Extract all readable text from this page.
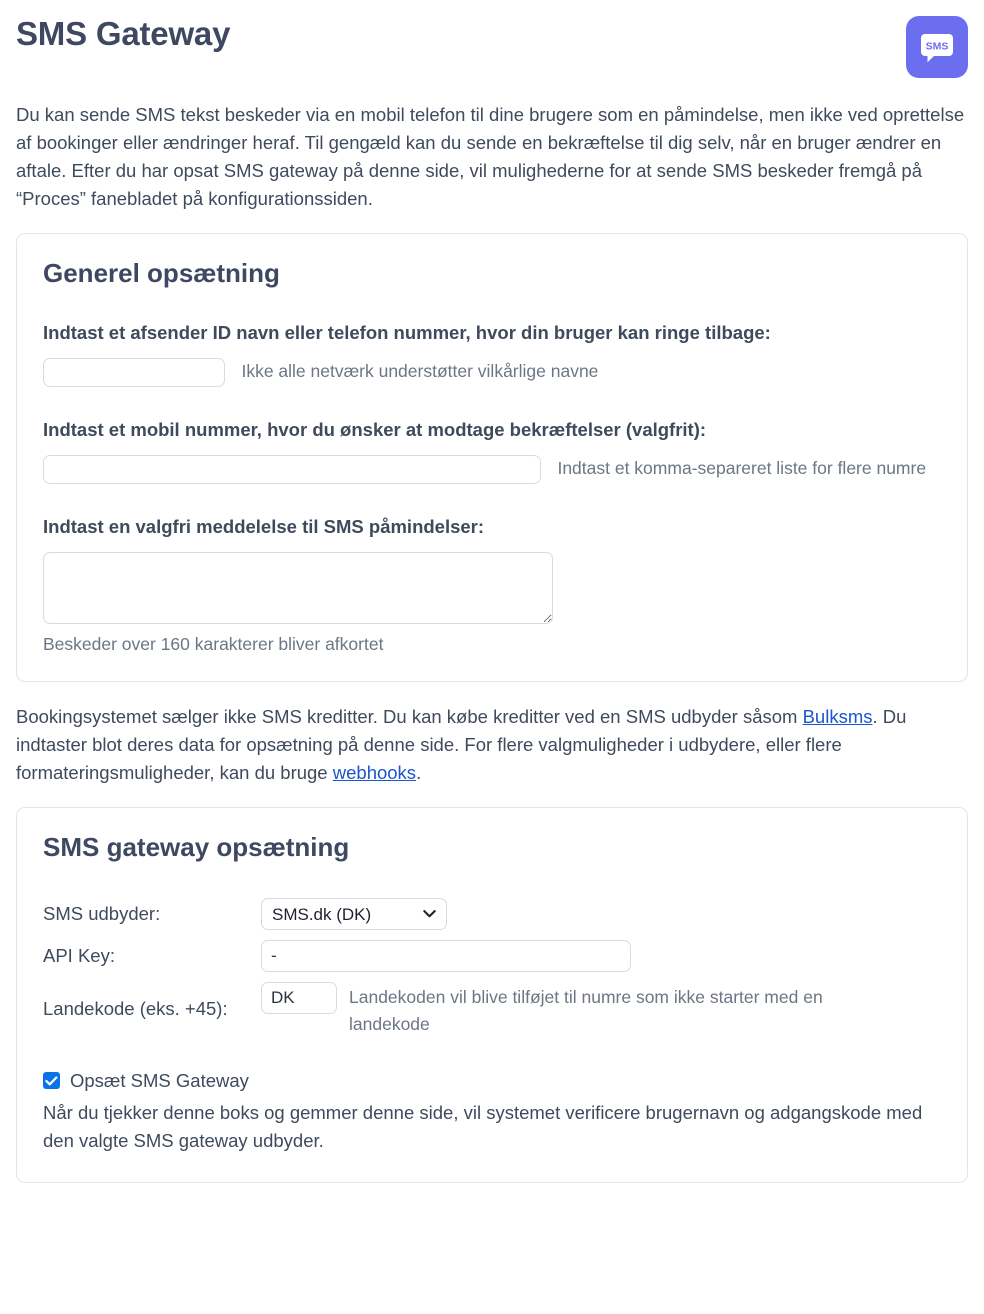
SMS Gateway	SMS

Du kan sende SMS tekst beskeder via en mobil telefon til dine brugere som en påmindelse, men ikke ved oprettelse af bookinger eller ændringer heraf. Til gengæld kan du sende en bekræftelse til dig selv, når en bruger ændrer en aftale. Efter du har opsat SMS gateway på denne side, vil mulighederne for at sende SMS beskeder fremgå på “Proces” fanebladet på konfigurationssiden.

Generel opsætning
Indtast et afsender ID navn eller telefon nummer, hvor din bruger kan ringe tilbage:
Ikke alle netværk understøtter vilkårlige navne
Indtast et mobil nummer, hvor du ønsker at modtage bekræftelser (valgfrit):
Indtast et komma-separeret liste for flere numre
Indtast en valgfri meddelelse til SMS påmindelser:
Beskeder over 160 karakterer bliver afkortet

Bookingsystemet sælger ikke SMS kreditter. Du kan købe kreditter ved en SMS udbyder såsom Bulksms. Du indtaster blot deres data for opsætning på denne side. For flere valgmuligheder i udbydere, eller flere formateringsmuligheder, kan du bruge webhooks.

SMS gateway opsætning
SMS udbyder:	
SMS.dk (DK)

API Key:	-
Landekode (eks. +45):	
DK
Landekoden vil blive tilføjet til numre som ikke starter med en landekode
Opsæt SMS Gateway
Når du tjekker denne boks og gemmer denne side, vil systemet verificere brugernavn og adgangskode med den valgte SMS gateway udbyder.
